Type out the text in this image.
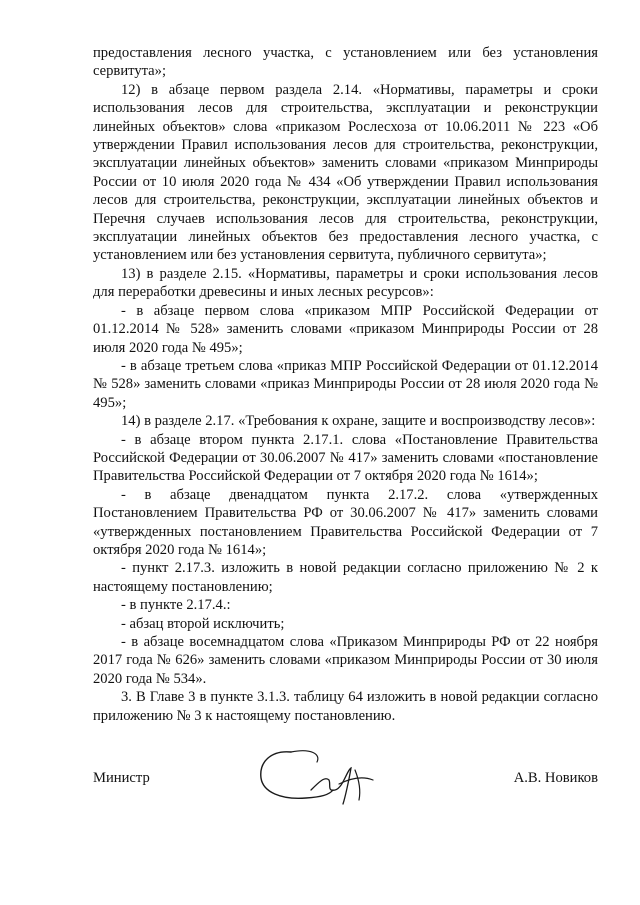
предоставления лесного участка, с установлением или без установления сервитута»;

12) в абзаце первом раздела 2.14. «Нормативы, параметры и сроки использования лесов для строительства, эксплуатации и реконструкции линейных объектов» слова «приказом Рослесхоза от 10.06.2011 № 223 «Об утверждении Правил использования лесов для строительства, реконструкции, эксплуатации линейных объектов» заменить словами «приказом Минприроды России от 10 июля 2020 года № 434 «Об утверждении Правил использования лесов для строительства, реконструкции, эксплуатации линейных объектов и Перечня случаев использования лесов для строительства, реконструкции, эксплуатации линейных объектов без предоставления лесного участка, с установлением или без установления сервитута, публичного сервитута»;

13) в разделе 2.15. «Нормативы, параметры и сроки использования лесов для переработки древесины и иных лесных ресурсов»:

- в абзаце первом слова «приказом МПР Российской Федерации от 01.12.2014 № 528» заменить словами «приказом Минприроды России от 28 июля 2020 года № 495»;

- в абзаце третьем слова «приказ МПР Российской Федерации от 01.12.2014 № 528» заменить словами «приказ Минприроды России от 28 июля 2020 года № 495»;

14) в разделе 2.17. «Требования к охране, защите и воспроизводству лесов»:

- в абзаце втором пункта 2.17.1. слова «Постановление Правительства Российской Федерации от 30.06.2007 № 417» заменить словами «постановление Правительства Российской Федерации от 7 октября 2020 года № 1614»;

- в абзаце двенадцатом пункта 2.17.2. слова «утвержденных Постановлением Правительства РФ от 30.06.2007 № 417» заменить словами «утвержденных постановлением Правительства Российской Федерации от 7 октября 2020 года № 1614»;

- пункт 2.17.3. изложить в новой редакции согласно приложению № 2 к настоящему постановлению;

- в пункте 2.17.4.:

- абзац второй исключить;

- в абзаце восемнадцатом слова «Приказом Минприроды РФ от 22 ноября 2017 года № 626» заменить словами «приказом Минприроды России от 30 июля 2020 года № 534».

3. В Главе 3 в пункте 3.1.3. таблицу 64 изложить в новой редакции согласно приложению № 3 к настоящему постановлению.

Министр	А.В. Новиков
